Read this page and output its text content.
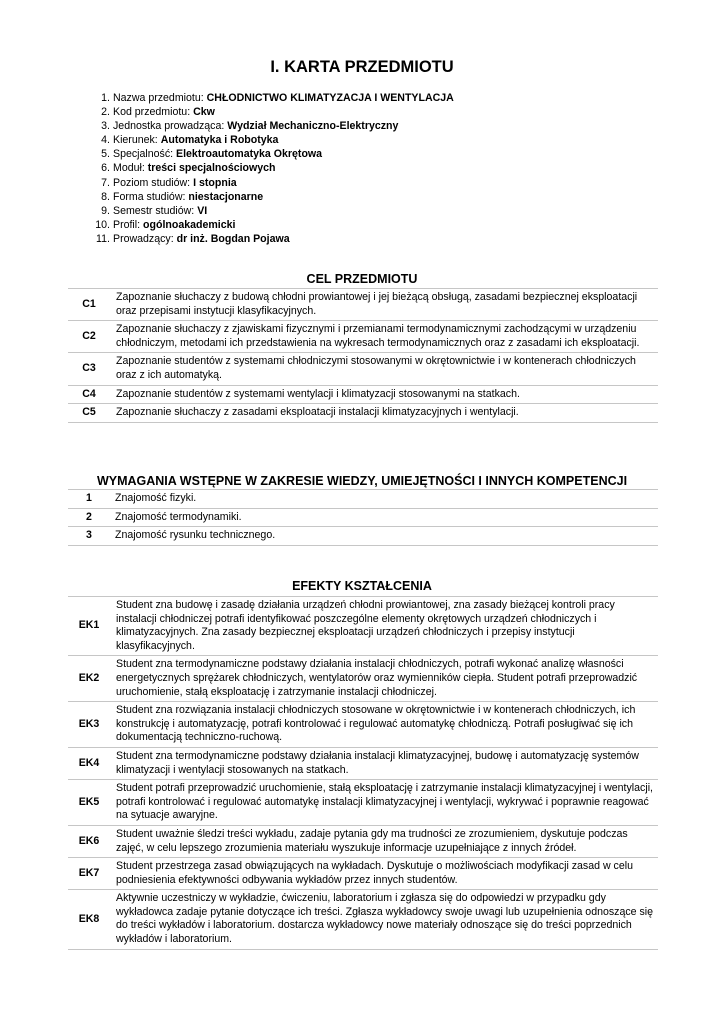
I. KARTA PRZEDMIOTU
1. Nazwa przedmiotu: CHŁODNICTWO KLIMATYZACJA I WENTYLACJA
2. Kod przedmiotu: Ckw
3. Jednostka prowadząca: Wydział Mechaniczno-Elektryczny
4. Kierunek: Automatyka i Robotyka
5. Specjalność: Elektroautomatyka Okrętowa
6. Moduł: treści specjalnościowych
7. Poziom studiów: I stopnia
8. Forma studiów: niestacjonarne
9. Semestr studiów: VI
10. Profil: ogólnoakademicki
11. Prowadzący: dr inż. Bogdan Pojawa
CEL PRZEDMIOTU
C1	Zapoznanie słuchaczy z budową chłodni prowiantowej i jej bieżącą obsługą, zasadami bezpiecznej eksploatacji oraz przepisami instytucji klasyfikacyjnych.
C2	Zapoznanie słuchaczy z zjawiskami fizycznymi i przemianami termodynamicznymi zachodzącymi w urządzeniu chłodniczym, metodami ich przedstawienia na wykresach termodynamicznych oraz z zasadami ich eksploatacji.
C3	Zapoznanie studentów z systemami chłodniczymi stosowanymi w okrętownictwie i w kontenerach chłodniczych oraz z ich automatyką.
C4	Zapoznanie studentów z systemami wentylacji i klimatyzacji stosowanymi na statkach.
C5	Zapoznanie słuchaczy z zasadami eksploatacji instalacji klimatyzacyjnych i wentylacji.
WYMAGANIA WSTĘPNE W ZAKRESIE WIEDZY, UMIEJĘTNOŚCI I INNYCH KOMPETENCJI
1	Znajomość fizyki.
2	Znajomość termodynamiki.
3	Znajomość rysunku technicznego.
EFEKTY KSZTAŁCENIA
EK1	Student zna budowę i zasadę działania urządzeń chłodni prowiantowej, zna zasady bieżącej kontroli pracy instalacji chłodniczej potrafi identyfikować poszczególne elementy okrętowych urządzeń chłodniczych i klimatyzacyjnych. Zna zasady bezpiecznej eksploatacji urządzeń chłodniczych i przepisy instytucji klasyfikacyjnych.
EK2	Student zna termodynamiczne podstawy działania instalacji chłodniczych, potrafi wykonać analizę własności energetycznych sprężarek chłodniczych, wentylatorów oraz wymienników ciepła. Student potrafi przeprowadzić uruchomienie, stałą eksploatację i zatrzymanie instalacji chłodniczej.
EK3	Student zna rozwiązania instalacji chłodniczych stosowane w okrętownictwie i w kontenerach chłodniczych, ich konstrukcję i automatyzację, potrafi kontrolować i regulować automatykę chłodniczą. Potrafi posługiwać się ich dokumentacją techniczno-ruchową.
EK4	Student zna termodynamiczne podstawy działania instalacji klimatyzacyjnej, budowę i automatyzację systemów klimatyzacji i wentylacji stosowanych na statkach.
EK5	Student potrafi przeprowadzić uruchomienie, stałą eksploatację i zatrzymanie instalacji klimatyzacyjnej i wentylacji, potrafi kontrolować i regulować automatykę instalacji klimatyzacyjnej i wentylacji, wykrywać i poprawnie reagować na sytuacje awaryjne.
EK6	Student uważnie śledzi treści wykładu, zadaje pytania gdy ma trudności ze zrozumieniem, dyskutuje podczas zajęć, w celu lepszego zrozumienia materiału wyszukuje informacje uzupełniające z innych źródeł.
EK7	Student przestrzega zasad obwiązujących na wykładach. Dyskutuje o możliwościach modyfikacji zasad w celu podniesienia efektywności odbywania wykładów przez innych studentów.
EK8	Aktywnie uczestniczy w wykładzie, ćwiczeniu, laboratorium i zgłasza się do odpowiedzi w przypadku gdy wykładowca zadaje pytanie dotyczące ich treści. Zgłasza wykładowcy swoje uwagi lub uzupełnienia odnoszące się do treści wykładów i laboratorium. dostarcza wykładowcy nowe materiały odnoszące się do treści poprzednich wykładów i laboratorium.
